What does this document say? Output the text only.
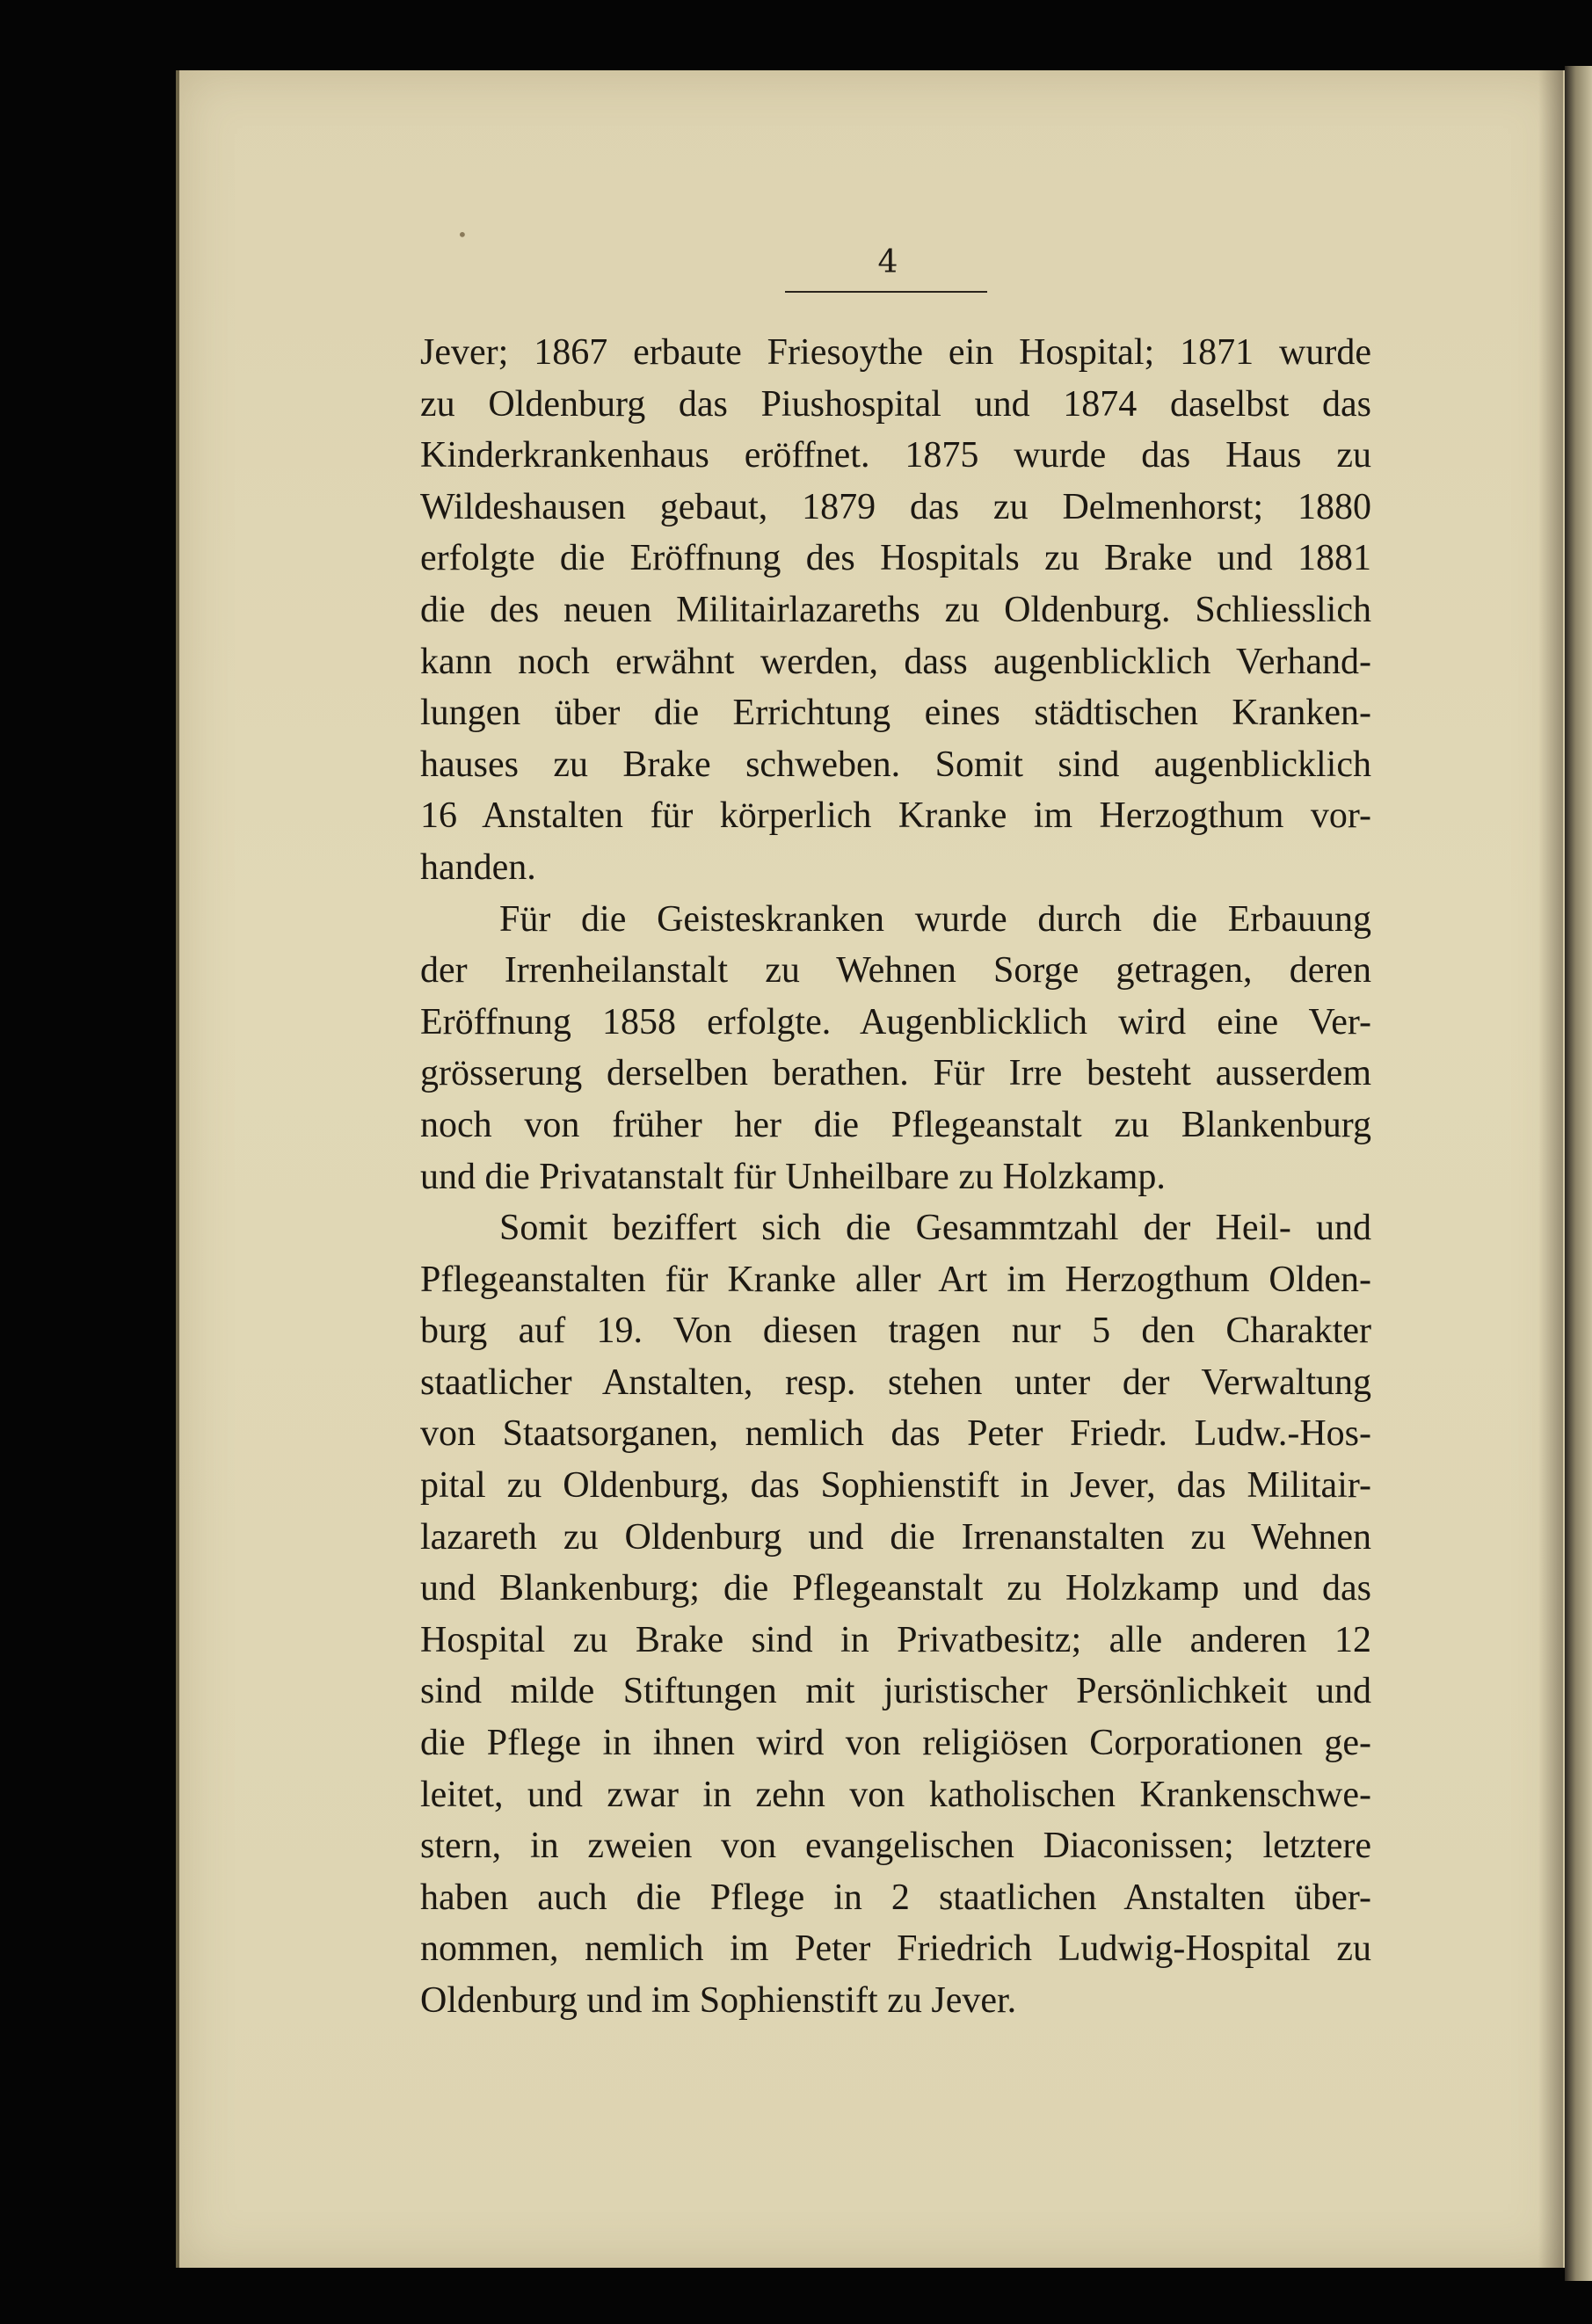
4
Jever; 1867 erbaute Friesoythe ein Hospital; 1871 wurde
zu Oldenburg das Piushospital und 1874 daselbst das
Kinderkrankenhaus eröffnet. 1875 wurde das Haus zu
Wildeshausen gebaut, 1879 das zu Delmenhorst; 1880
erfolgte die Eröffnung des Hospitals zu Brake und 1881
die des neuen Militairlazareths zu Oldenburg. Schliesslich
kann noch erwähnt werden, dass augenblicklich Verhand-
lungen über die Errichtung eines städtischen Kranken-
hauses zu Brake schweben. Somit sind augenblicklich
16 Anstalten für körperlich Kranke im Herzogthum vor-
handen.
Für die Geisteskranken wurde durch die Erbauung
der Irrenheilanstalt zu Wehnen Sorge getragen, deren
Eröffnung 1858 erfolgte. Augenblicklich wird eine Ver-
grösserung derselben berathen. Für Irre besteht ausserdem
noch von früher her die Pflegeanstalt zu Blankenburg
und die Privatanstalt für Unheilbare zu Holzkamp.
Somit beziffert sich die Gesammtzahl der Heil- und
Pflegeanstalten für Kranke aller Art im Herzogthum Olden-
burg auf 19. Von diesen tragen nur 5 den Charakter
staatlicher Anstalten, resp. stehen unter der Verwaltung
von Staatsorganen, nemlich das Peter Friedr. Ludw.-Hos-
pital zu Oldenburg, das Sophienstift in Jever, das Militair-
lazareth zu Oldenburg und die Irrenanstalten zu Wehnen
und Blankenburg; die Pflegeanstalt zu Holzkamp und das
Hospital zu Brake sind in Privatbesitz; alle anderen 12
sind milde Stiftungen mit juristischer Persönlichkeit und
die Pflege in ihnen wird von religiösen Corporationen ge-
leitet, und zwar in zehn von katholischen Krankenschwe-
stern, in zweien von evangelischen Diaconissen; letztere
haben auch die Pflege in 2 staatlichen Anstalten über-
nommen, nemlich im Peter Friedrich Ludwig-Hospital zu
Oldenburg und im Sophienstift zu Jever.
•
